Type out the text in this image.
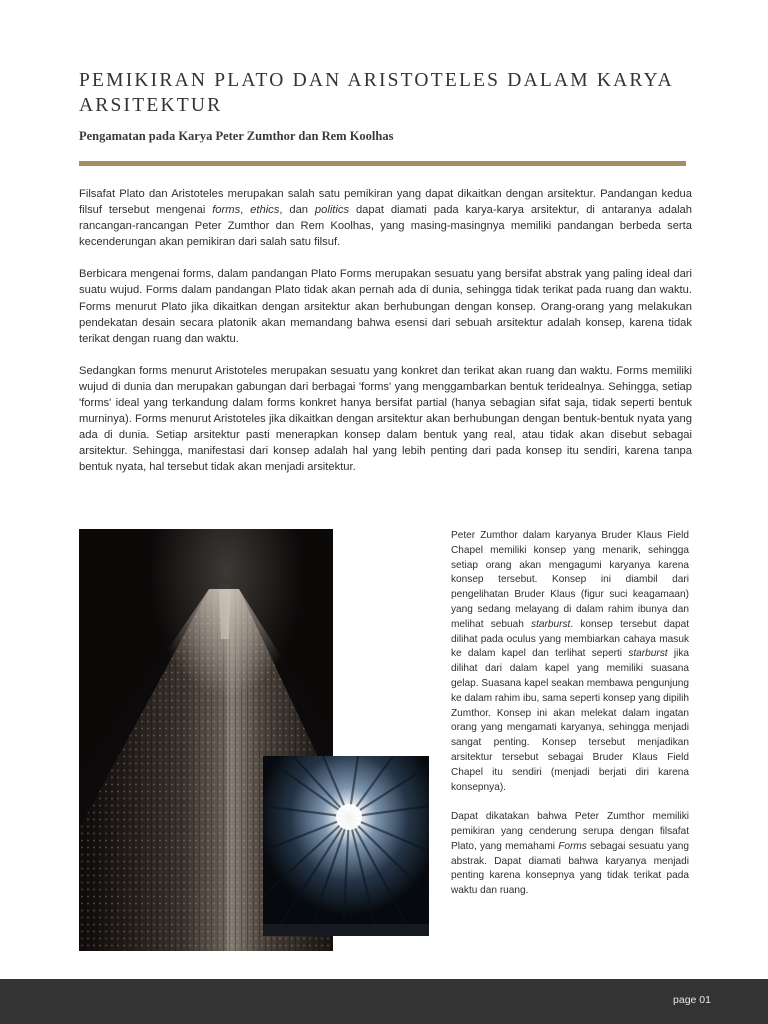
PEMIKIRAN PLATO DAN ARISTOTELES DALAM KARYA ARSITEKTUR

Pengamatan pada Karya Peter Zumthor dan Rem Koolhas

Filsafat Plato dan Aristoteles merupakan salah satu pemikiran yang dapat dikaitkan dengan arsitektur. Pandangan kedua filsuf tersebut mengenai forms, ethics, dan politics dapat diamati pada karya-karya arsitektur, di antaranya adalah rancangan-rancangan Peter Zumthor dan Rem Koolhas, yang masing-masingnya memiliki pandangan berbeda serta kecenderungan akan pemikiran dari salah satu filsuf.

Berbicara mengenai forms, dalam pandangan Plato Forms merupakan sesuatu yang bersifat abstrak yang paling ideal dari suatu wujud. Forms dalam pandangan Plato tidak akan pernah ada di dunia, sehingga tidak terikat pada ruang dan waktu. Forms menurut Plato jika dikaitkan dengan arsitektur akan berhubungan dengan konsep. Orang-orang yang melakukan pendekatan desain secara platonik akan memandang bahwa esensi dari sebuah arsitektur adalah konsep, karena tidak terikat dengan ruang dan waktu.

Sedangkan forms menurut Aristoteles merupakan sesuatu yang konkret dan terikat akan ruang dan waktu. Forms memiliki wujud di dunia dan merupakan gabungan dari berbagai 'forms' yang menggambarkan bentuk teridealnya. Sehingga, setiap 'forms' ideal yang terkandung dalam forms konkret hanya bersifat partial (hanya sebagian sifat saja, tidak seperti bentuk murninya). Forms menurut Aristoteles jika dikaitkan dengan arsitektur akan berhubungan dengan bentuk-bentuk nyata yang ada di dunia. Setiap arsitektur pasti menerapkan konsep dalam bentuk yang real, atau tidak akan disebut sebagai arsitektur. Sehingga, manifestasi dari konsep adalah hal yang lebih penting dari pada konsep itu sendiri, karena tanpa bentuk nyata, hal tersebut tidak akan menjadi arsitektur.

Peter Zumthor dalam karyanya Bruder Klaus Field Chapel memiliki konsep yang menarik, sehingga setiap orang akan mengagumi karyanya karena konsep tersebut. Konsep ini diambil dari pengelihatan Bruder Klaus (figur suci keagamaan) yang sedang melayang di dalam rahim ibunya dan melihat sebuah starburst. konsep tersebut dapat dilihat pada oculus yang membiarkan cahaya masuk ke dalam kapel dan terlihat seperti starburst jika dilihat dari dalam kapel yang memiliki suasana gelap. Suasana kapel seakan membawa pengunjung ke dalam rahim ibu, sama seperti konsep yang dipilih Zumthor. Konsep ini akan melekat dalam ingatan orang yang mengamati karyanya, sehingga menjadi sangat penting. Konsep tersebut menjadikan arsitektur tersebut sebagai Bruder Klaus Field Chapel itu sendiri (menjadi berjati diri karena konsepnya).

Dapat dikatakan bahwa Peter Zumthor memiliki pemikiran yang cenderung serupa dengan filsafat Plato, yang memahami Forms sebagai sesuatu yang abstrak. Dapat diamati bahwa karyanya menjadi penting karena konsepnya yang tidak terikat pada waktu dan ruang.

page 01
